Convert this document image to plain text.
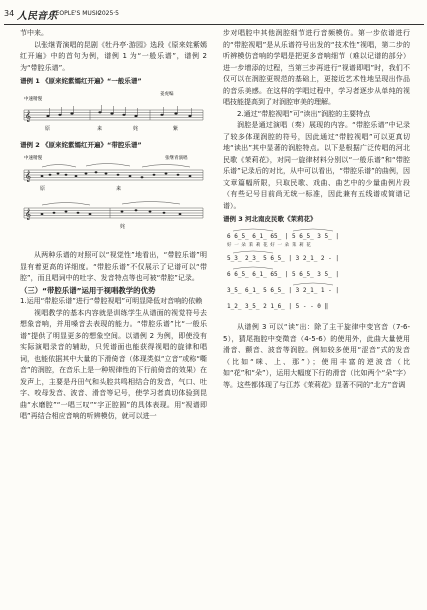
34 人民音乐
PEOPLE'S MUSIC
2025·5

节中来。

以张继青演唱的昆剧《牡丹亭·游园》选段《原来姹紫嫣红开遍》中的首句为例，谱例 1 为“一般乐谱”，谱例 2 为“带腔乐谱”。

谱例 1 《原来姹紫嫣红开遍》“一般乐谱”
姜虎编
中速稍慢
𝄞
原	来	姹	紫
谱例 2 《原来姹紫嫣红开遍》“带腔乐谱”
中速稍慢	张继青演唱
𝄞
𝄞
原	来
姹

从两种乐谱的对照可以“视觉性”地看出，“带腔乐谱”明显有着更高的详细度。“带腔乐谱”不仅展示了记谱可以“带腔”，而且唱词中的吐字、发音特点等也可被“带腔”记录。

（三）“带腔乐谱”运用于视唱教学的优势
1.运用“带腔乐谱”进行“带腔视唱”可明显降低对音响的依赖

视唱教学的基本内容就是训练学生从谱面的视觉符号去想象音响，并用嗓音去表现的能力。“带腔乐谱”比“一般乐谱”提供了明显更多的想象空间。以谱例 2 为例，即使没有实际演唱录音的辅助，只凭谱面也能获得视唱的旋律和唱词，也能依据其中大量的下滑倚音（体现类似“立音”或称“嘶音”的润腔，在音乐上是一种规律性的下行前倚音的效果）在发声上，主要是丹田气和头腔共鸣相结合的发音，气口、吐字、咬母发音、波音、滑音等记号，使学习者真切体验到昆曲“水磨腔”“一唱三叹”“字正腔圆”的具体表现。用“视谱即唱”再结合相应音响的听辨模仿，就可以进一

步对唱腔中其他润腔细节进行音频模仿。第一步依谱进行的“带腔视唱”是从乐谱符号出发的“技术性”视唱，第二步的听辨模仿音响的学唱是把更多音响细节（难以记谱的部分）进一步增添的过程，当第三步再进行“视谱即唱”时，我们不仅可以在润腔更规范的基础上，更接近艺术性地呈现出作品的音乐美感。在这样的学唱过程中，学习者逐步从单纯的视唱技能提高到了对润腔审美的理解。

2.通过“带腔视唱”可“读出”润腔的主要特点

润腔是通过演唱（奏）展现的内容。“带腔乐谱”中记录了较多体现润腔的符号，因此通过“带腔视唱”可以更真切地“读出”其中显著的润腔特点。以下是根据广泛传唱的河北民歌《茉莉花》，对同一旋律材料分别以“一般乐谱”和“带腔乐谱”记录后的对比，从中可以看出，“带腔乐谱”的曲例，因文章篇幅所限，只取民歌、戏曲、曲艺中的少量曲例片段（有些记号目前尚无统一标准，因此兼有五线谱或简谱记谱）。

谱例 3 河北南皮民歌《茉莉花》
6 6̲5̲ 6̲1̲ 6̇5̲ | 5 6̲5̲ 3 5̲ |
好 一 朵 茉 莉 花 好 一 朵 茉 莉 花
5̲3̲ 2̲3̲ 5 6̲5̲ | 3 2̲1̲ 2 - |
6 6̲5̲ 6̲1̲ 6̇5̲ | 5 6̲5̲ 3 5̲ |
3̲5̲ 6̲1̲ 5 6̲5̲ | 3 2̲1̲ 1 - |
1̲2̲ 3̲5̲ 2 1̲6̲ | 5 - - 0 ‖

从谱例 3 可以“读”出：除了主干旋律中变宫音（7-6-5），猜尾拖腔中变徵音（4-5-6）的使用外，此曲大量使用滑音、颤音、波音等润腔。例如较多使用“涩音”式的发音（比如“咪、上、那”）；使用丰富的逆波音（比如“花”和“朵”），运用大幅度下行的滑音（比如两个“朵”字）等。这些都体现了与江苏《茉莉花》显著不同的“北方”音调
